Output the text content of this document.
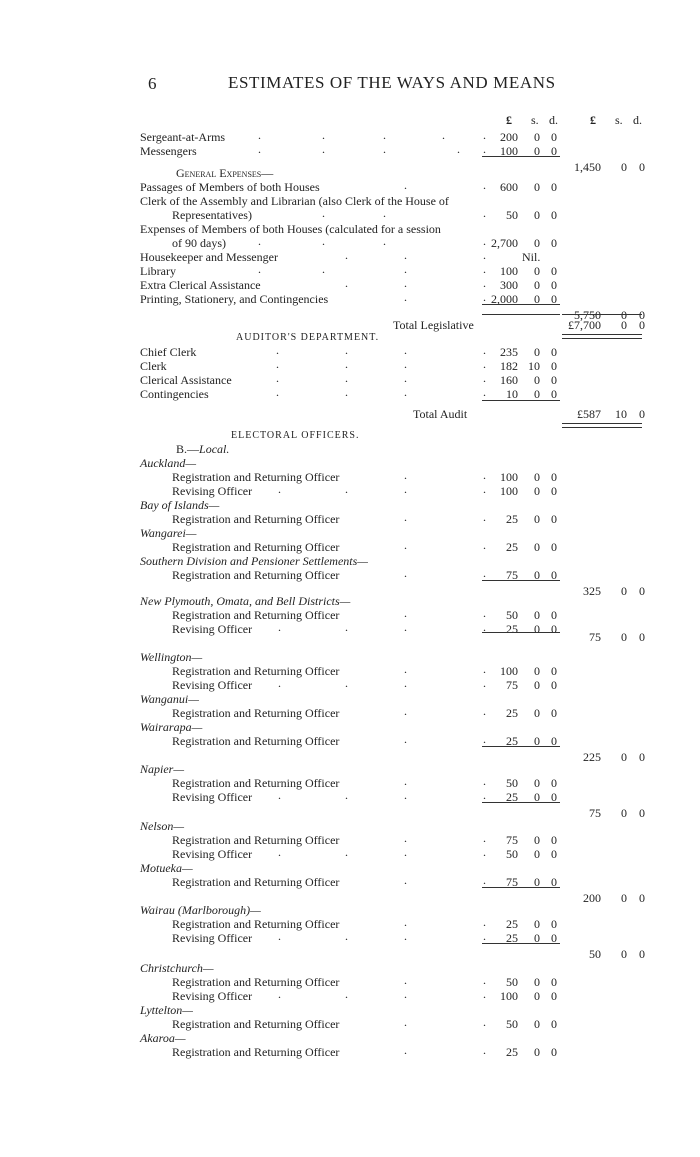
6	ESTIMATES OF THE WAYS AND MEANS
£ s. d.	£ s. d.
AUDITOR'S DEPARTMENT.
ELECTORAL OFFICERS.
Sergeant-at-Arms	.	.	.	.	. 200 0 0
Messengers	.	.	.	. . 100 0 0
1,450 0 0
General Expenses—
Passages of Members of both Houses	.	. 600 0 0
Clerk of the Assembly and Librarian (also Clerk of the House of
Representatives)	.	.	. 50 0 0
Expenses of Members of both Houses (calculated for a session
of 90 days)	.	.	.	. 2,700 0 0
Housekeeper and Messenger	.	.	.	Nil.
Library	.	.	.	. 100 0 0
Extra Clerical Assistance	.	.	. 300 0 0
Printing, Stationery, and Contingencies	.	. 2,000 0 0
5,750 0 0
Total Legislative	£7,700 0 0
Chief Clerk	.	.	.	. 235 0 0
Clerk	.	.	.	. 182 10 0
Clerical Assistance	.	.	.	. 160 0 0
Contingencies	.	.	.	. 10 0 0
Total Audit	£587 10 0
B.—Local.
Auckland—
Registration and Returning Officer	.	. 100 0 0
Revising Officer .	.	.	. 100 0 0
Bay of Islands—
Registration and Returning Officer	.	. 25 0 0
Wangarei—
Registration and Returning Officer	.	. 25 0 0
Southern Division and Pensioner Settlements—
Registration and Returning Officer	.	. 75 0 0
325 0 0
New Plymouth, Omata, and Bell Districts—
Registration and Returning Officer	.	. 50 0 0
Revising Officer .	.	.	. 25 0 0
75 0 0
Wellington—
Registration and Returning Officer	.	. 100 0 0
Revising Officer .	.	.	. 75 0 0
Wanganui—
Registration and Returning Officer	.	. 25 0 0
Wairarapa—
Registration and Returning Officer	.	. 25 0 0
225 0 0
Napier—
Registration and Returning Officer	.	. 50 0 0
Revising Officer .	.	.	. 25 0 0
75 0 0
Nelson—
Registration and Returning Officer	.	. 75 0 0
Revising Officer .	.	.	. 50 0 0
Motueka—
Registration and Returning Officer	.	. 75 0 0
200 0 0
Wairau (Marlborough)—
Registration and Returning Officer	.	. 25 0 0
Revising Officer .	.	.	. 25 0 0
50 0 0
Christchurch—
Registration and Returning Officer	.	. 50 0 0
Revising Officer .	.	.	. 100 0 0
Lyttelton—
Registration and Returning Officer	.	. 50 0 0
Akaroa—
Registration and Returning Officer	.	. 25 0 0
